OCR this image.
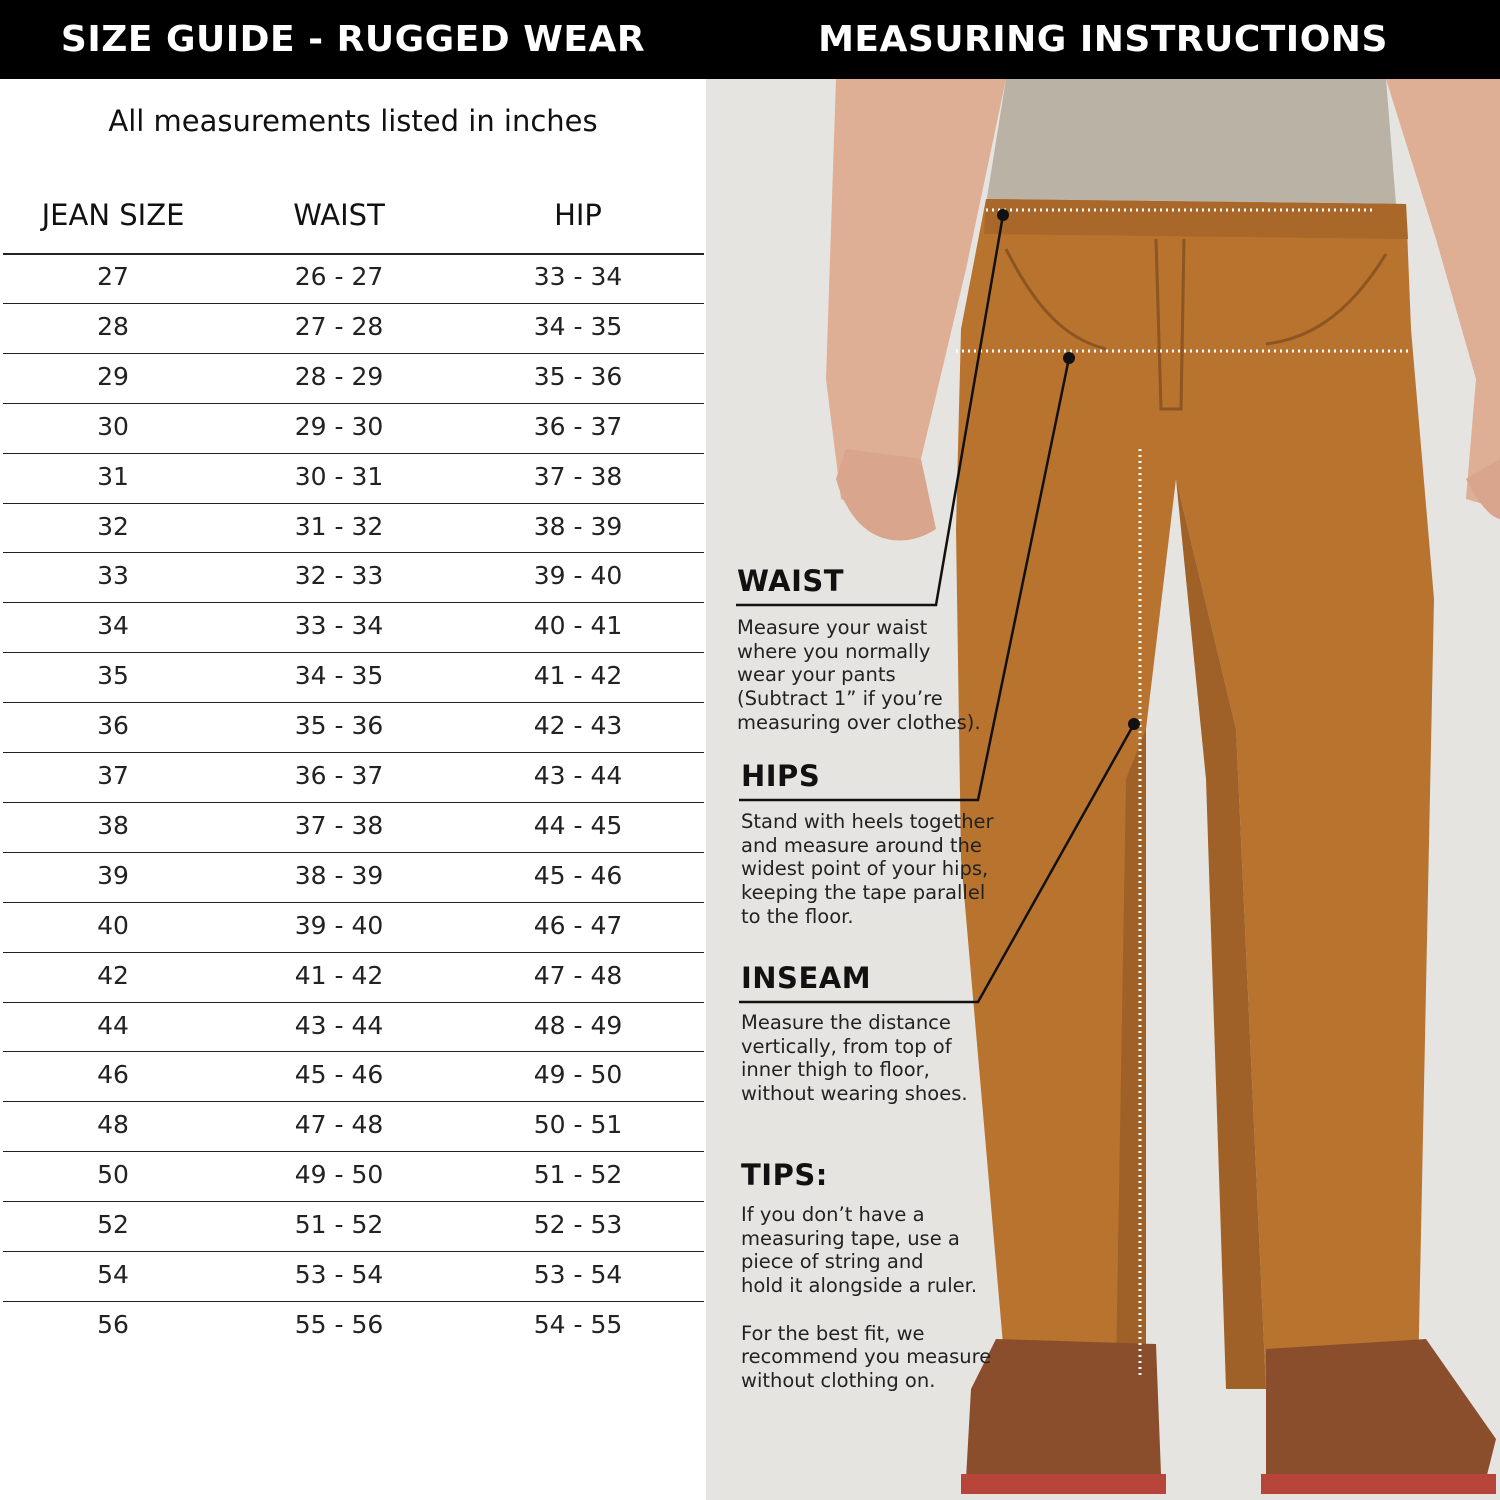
SIZE GUIDE - RUGGED WEAR	MEASURING INSTRUCTIONS
All measurements listed in inches
JEAN SIZE	WAIST	HIP
27	26 - 27	33 - 34
28	27 - 28	34 - 35
29	28 - 29	35 - 36
30	29 - 30	36 - 37
31	30 - 31	37 - 38
32	31 - 32	38 - 39
33	32 - 33	39 - 40
34	33 - 34	40 - 41
35	34 - 35	41 - 42
36	35 - 36	42 - 43
37	36 - 37	43 - 44
38	37 - 38	44 - 45
39	38 - 39	45 - 46
40	39 - 40	46 - 47
42	41 - 42	47 - 48
44	43 - 44	48 - 49
46	45 - 46	49 - 50
48	47 - 48	50 - 51
50	49 - 50	51 - 52
52	51 - 52	52 - 53
54	53 - 54	53 - 54
56	55 - 56	54 - 55
WAIST
Measure your waist
where you normally
wear your pants
(Subtract 1” if you’re
measuring over clothes).
HIPS
Stand with heels together
and measure around the
widest point of your hips,
keeping the tape parallel
to the floor.
INSEAM
Measure the distance
vertically, from top of
inner thigh to floor,
without wearing shoes.
TIPS:
If you don’t have a
measuring tape, use a
piece of string and
hold it alongside a ruler.

For the best fit, we
recommend you measure
without clothing on.
